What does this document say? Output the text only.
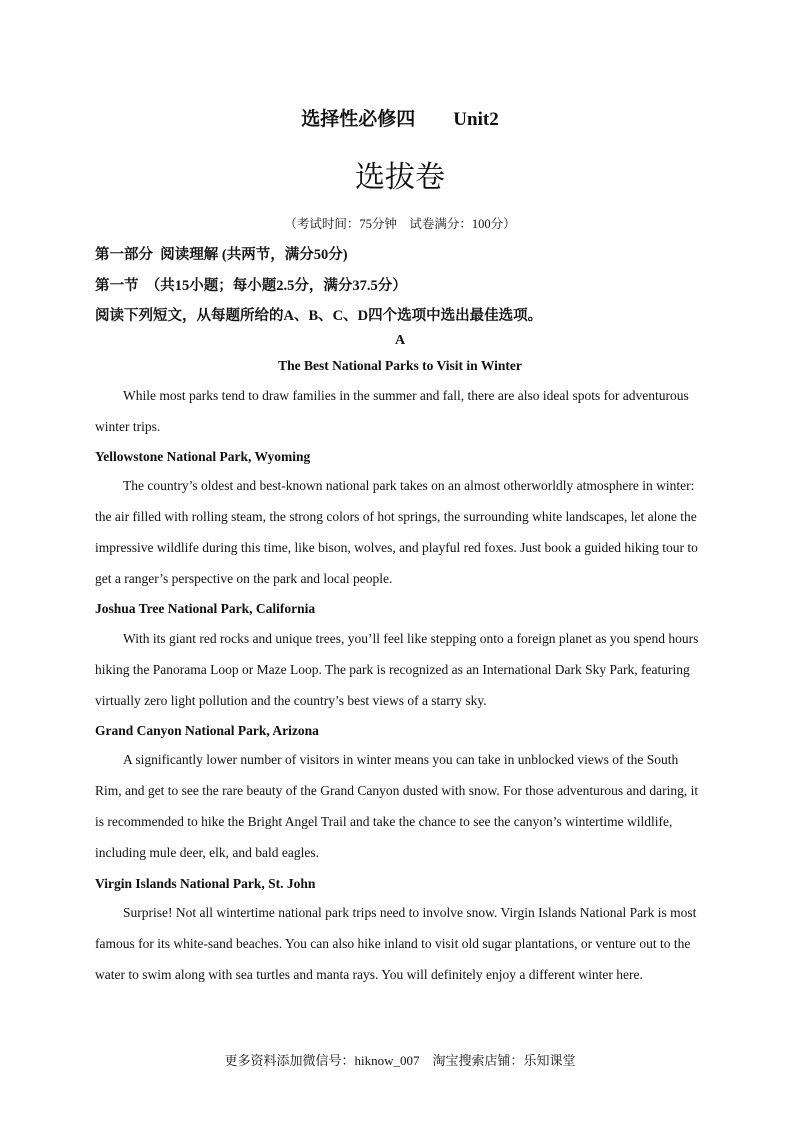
选择性必修四　　Unit2
选拔卷
（考试时间：75分钟　试卷满分：100分）
第一部分  阅读理解 (共两节，满分50分)
第一节  （共15小题；每小题2.5分，满分37.5分）
阅读下列短文，从每题所给的A、B、C、D四个选项中选出最佳选项。
A
The Best National Parks to Visit in Winter

While most parks tend to draw families in the summer and fall, there are also ideal spots for adventurous winter trips.

Yellowstone National Park, Wyoming

The country’s oldest and best-known national park takes on an almost otherworldly atmosphere in winter: the air filled with rolling steam, the strong colors of hot springs, the surrounding white landscapes, let alone the impressive wildlife during this time, like bison, wolves, and playful red foxes. Just book a guided hiking tour to get a ranger’s perspective on the park and local people.

Joshua Tree National Park, California

With its giant red rocks and unique trees, you’ll feel like stepping onto a foreign planet as you spend hours hiking the Panorama Loop or Maze Loop. The park is recognized as an International Dark Sky Park, featuring virtually zero light pollution and the country’s best views of a starry sky.

Grand Canyon National Park, Arizona

A significantly lower number of visitors in winter means you can take in unblocked views of the South Rim, and get to see the rare beauty of the Grand Canyon dusted with snow. For those adventurous and daring, it is recommended to hike the Bright Angel Trail and take the chance to see the canyon’s wintertime wildlife, including mule deer, elk, and bald eagles.

Virgin Islands National Park, St. John

Surprise! Not all wintertime national park trips need to involve snow. Virgin Islands National Park is most famous for its white-sand beaches. You can also hike inland to visit old sugar plantations, or venture out to the water to swim along with sea turtles and manta rays. You will definitely enjoy a different winter here.

更多资料添加微信号：hiknow_007　淘宝搜索店铺：乐知课堂
